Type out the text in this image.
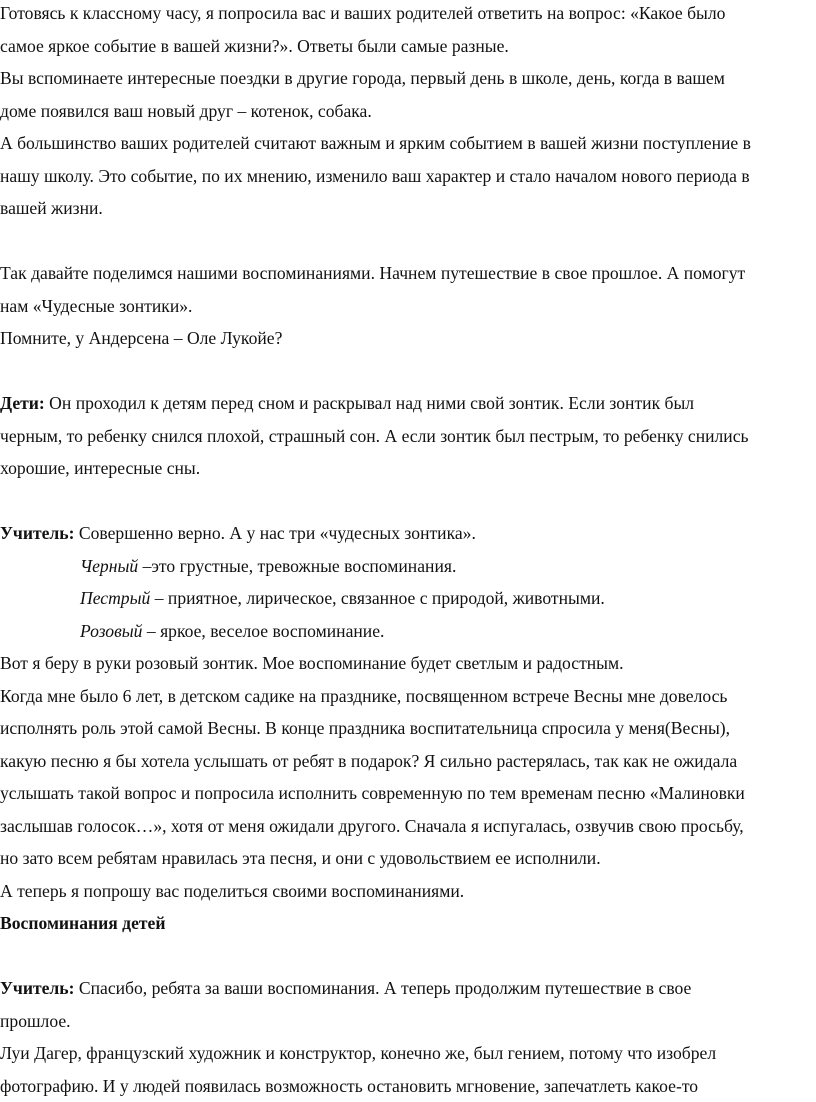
Готовясь к классному часу, я попросила вас и ваших родителей ответить на вопрос: «Какое было
самое яркое событие в вашей жизни?». Ответы были самые разные.
Вы вспоминаете интересные поездки в другие города, первый день в школе, день, когда в вашем
доме появился ваш новый друг – котенок, собака.
А большинство ваших родителей считают важным и ярким событием в вашей жизни поступление в
нашу школу. Это событие, по их мнению, изменило ваш характер и стало началом нового периода в
вашей жизни.
Так давайте поделимся нашими воспоминаниями. Начнем путешествие в свое прошлое. А помогут
нам «Чудесные зонтики».
Помните, у Андерсена – Оле Лукойе?
Дети: Он проходил к детям перед сном и раскрывал над ними свой зонтик. Если зонтик был
черным, то ребенку снился плохой, страшный сон. А если зонтик был пестрым, то ребенку снились
хорошие, интересные сны.
Учитель: Совершенно верно. А у нас три «чудесных зонтика».
Черный –это грустные, тревожные воспоминания.
Пестрый – приятное, лирическое, связанное с природой, животными.
Розовый – яркое, веселое воспоминание.
Вот я беру в руки розовый зонтик. Мое воспоминание будет светлым и радостным.
Когда мне было 6 лет, в детском садике на празднике, посвященном встрече Весны мне довелось
исполнять роль этой самой Весны. В конце праздника воспитательница спросила у меня(Весны),
какую песню я бы хотела услышать от ребят в подарок? Я сильно растерялась, так как не ожидала
услышать такой вопрос и попросила исполнить современную по тем временам песню «Малиновки
заслышав голосок…», хотя от меня ожидали другого. Сначала я испугалась, озвучив свою просьбу,
но зато всем ребятам нравилась эта песня, и они с удовольствием ее исполнили.
А теперь я попрошу вас поделиться своими воспоминаниями.
Воспоминания детей
Учитель: Спасибо, ребята за ваши воспоминания. А теперь продолжим путешествие в свое
прошлое.
Луи Дагер, французский художник и конструктор, конечно же, был гением, потому что изобрел
фотографию. И у людей появилась возможность остановить мгновение, запечатлеть какое-то
